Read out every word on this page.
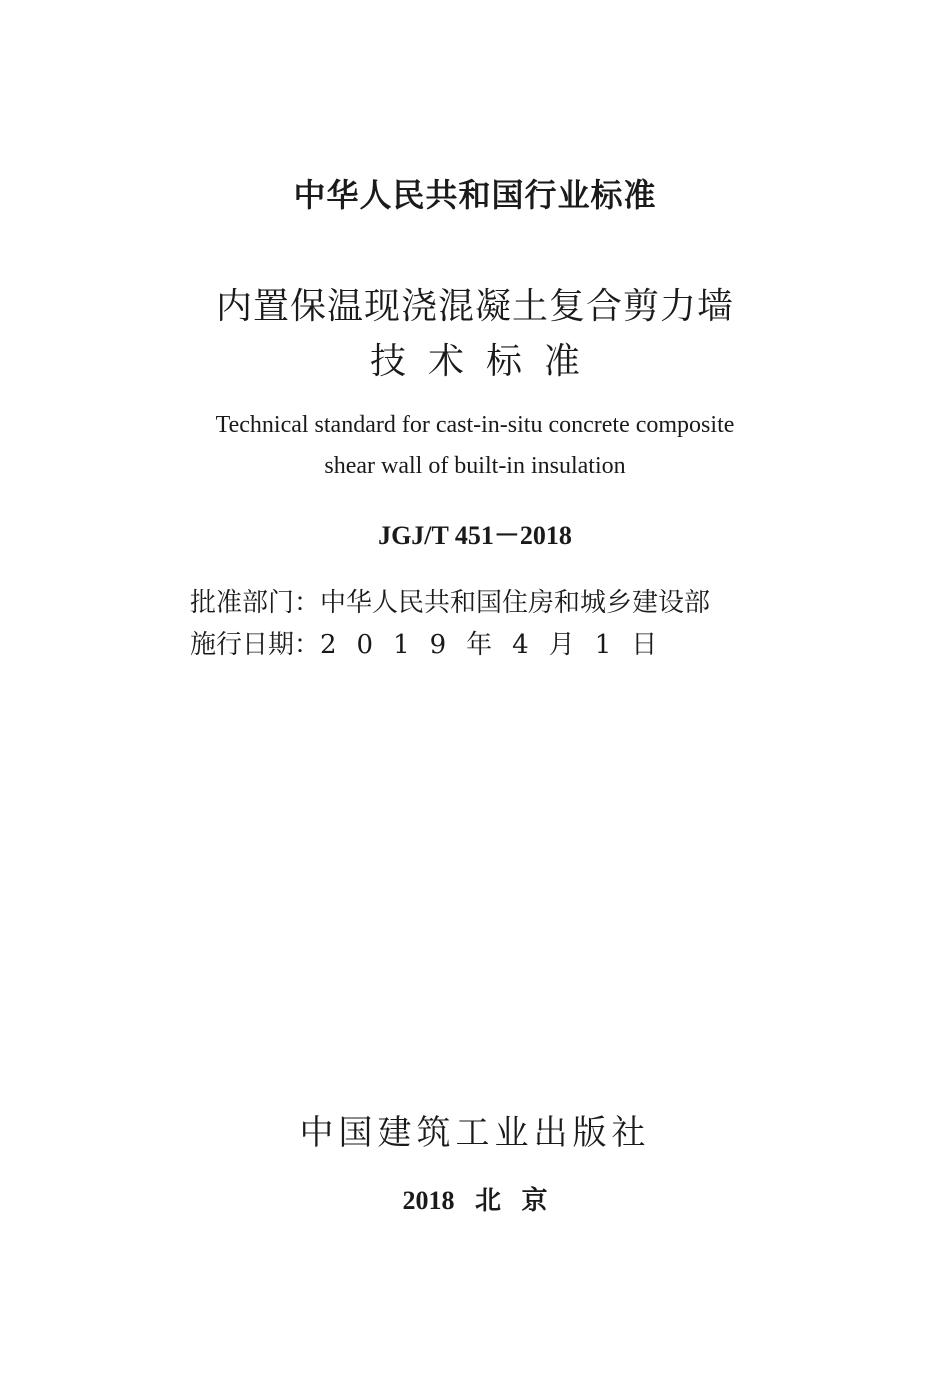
中华人民共和国行业标准
内置保温现浇混凝土复合剪力墙
技术标准
Technical standard for cast-in-situ concrete composite
shear wall of built-in insulation
JGJ/T 451－2018
批准部门：中华人民共和国住房和城乡建设部
施行日期：2019年4月1日
中国建筑工业出版社
2018 北 京
